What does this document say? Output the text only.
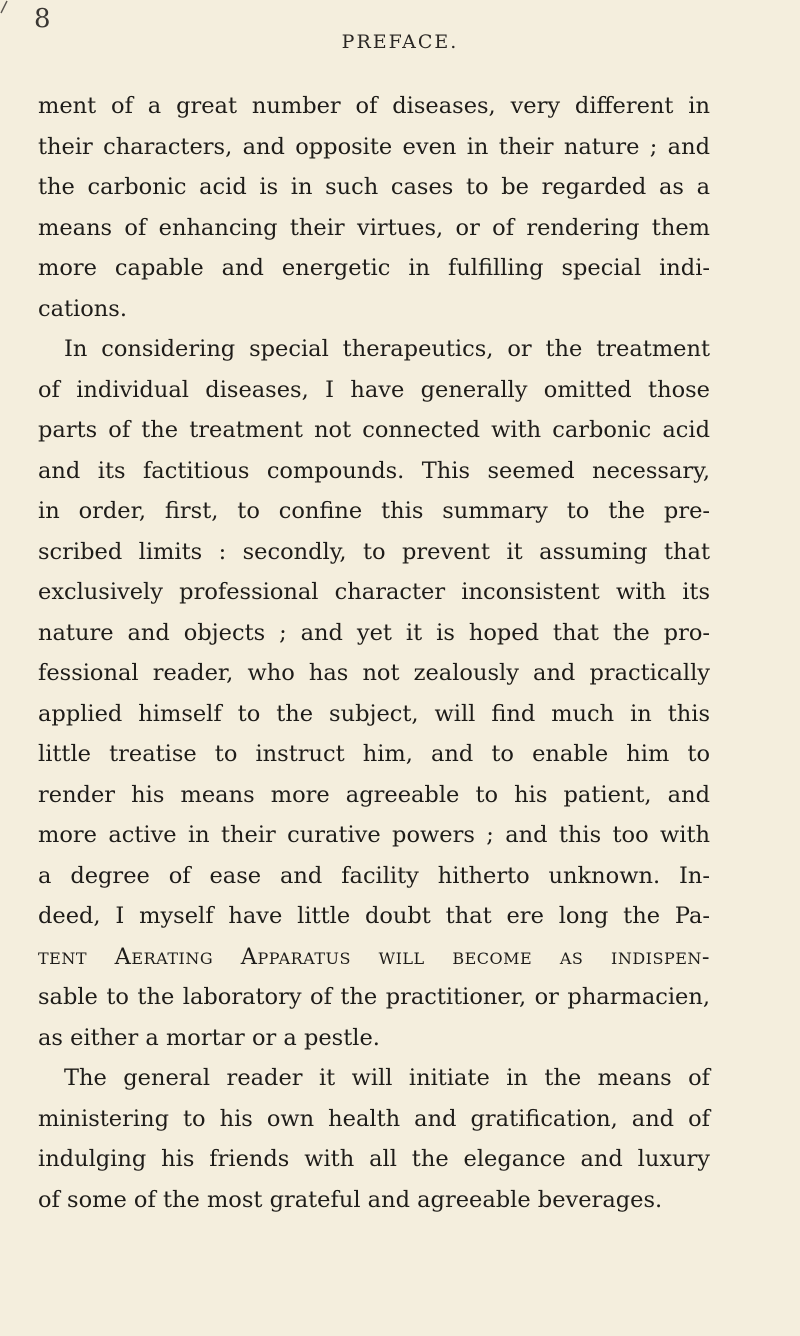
8
PREFACE.
ment of a great number of diseases, very different in
their characters, and opposite even in their nature ; and
the carbonic acid is in such cases to be regarded as a
means of enhancing their virtues, or of rendering them
more capable and energetic in fulfilling special indi-
cations.
In considering special therapeutics, or the treatment
of individual diseases, I have generally omitted those
parts of the treatment not connected with carbonic acid
and its factitious compounds. This seemed necessary,
in order, first, to confine this summary to the pre-
scribed limits : secondly, to prevent it assuming that
exclusively professional character inconsistent with its
nature and objects ; and yet it is hoped that the pro-
fessional reader, who has not zealously and practically
applied himself to the subject, will find much in this
little treatise to instruct him, and to enable him to
render his means more agreeable to his patient, and
more active in their curative powers ; and this too with
a degree of ease and facility hitherto unknown. In-
deed, I myself have little doubt that ere long the Pa-
tent Aerating Apparatus will become as indispen-
sable to the laboratory of the practitioner, or pharmacien,
as either a mortar or a pestle.
The general reader it will initiate in the means of
ministering to his own health and gratification, and of
indulging his friends with all the elegance and luxury
of some of the most grateful and agreeable beverages.
